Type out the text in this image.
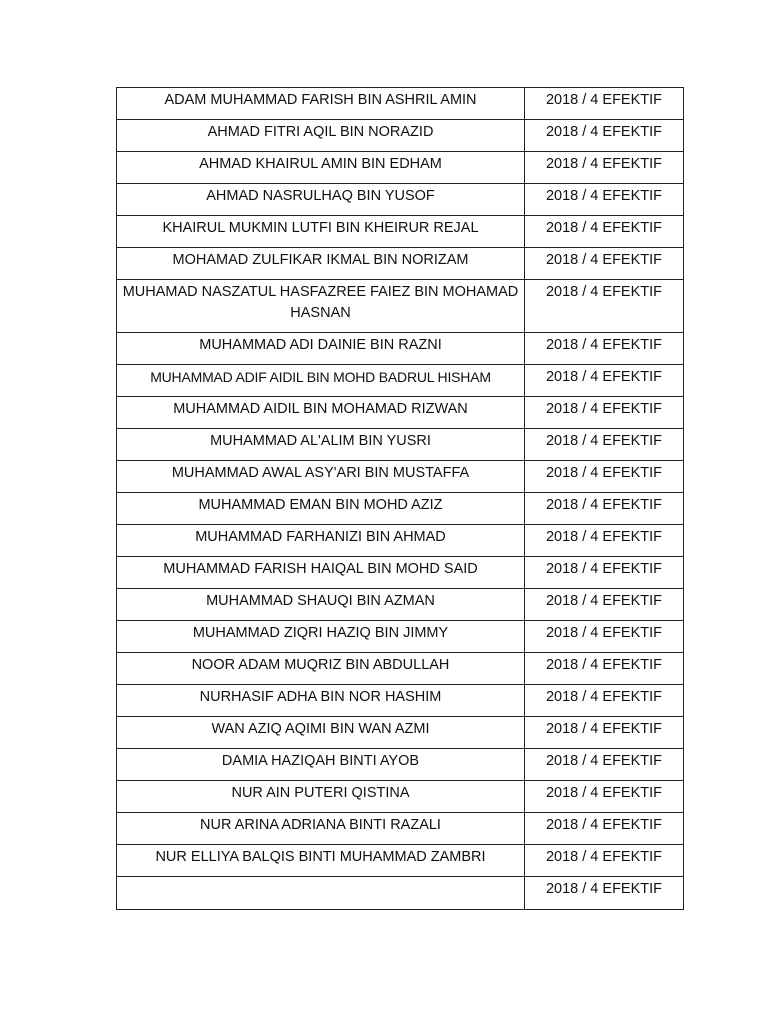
ADAM MUHAMMAD FARISH BIN ASHRIL AMIN	2018 / 4 EFEKTIF
AHMAD FITRI AQIL BIN NORAZID	2018 / 4 EFEKTIF
AHMAD KHAIRUL AMIN BIN EDHAM	2018 / 4 EFEKTIF
AHMAD NASRULHAQ BIN YUSOF	2018 / 4 EFEKTIF
KHAIRUL MUKMIN LUTFI BIN KHEIRUR REJAL	2018 / 4 EFEKTIF
MOHAMAD ZULFIKAR IKMAL BIN NORIZAM	2018 / 4 EFEKTIF
MUHAMAD NASZATUL HASFAZREE FAIEZ BIN MOHAMAD HASNAN	2018 / 4 EFEKTIF
MUHAMMAD ADI DAINIE BIN RAZNI	2018 / 4 EFEKTIF
MUHAMMAD ADIF AIDIL BIN MOHD BADRUL HISHAM	2018 / 4 EFEKTIF
MUHAMMAD AIDIL BIN MOHAMAD RIZWAN	2018 / 4 EFEKTIF
MUHAMMAD AL'ALIM BIN YUSRI	2018 / 4 EFEKTIF
MUHAMMAD AWAL ASY'ARI BIN MUSTAFFA	2018 / 4 EFEKTIF
MUHAMMAD EMAN BIN MOHD AZIZ	2018 / 4 EFEKTIF
MUHAMMAD FARHANIZI BIN AHMAD	2018 / 4 EFEKTIF
MUHAMMAD FARISH HAIQAL BIN MOHD SAID	2018 / 4 EFEKTIF
MUHAMMAD SHAUQI BIN AZMAN	2018 / 4 EFEKTIF
MUHAMMAD ZIQRI HAZIQ BIN JIMMY	2018 / 4 EFEKTIF
NOOR ADAM MUQRIZ BIN ABDULLAH	2018 / 4 EFEKTIF
NURHASIF ADHA BIN NOR HASHIM	2018 / 4 EFEKTIF
WAN AZIQ AQIMI BIN WAN AZMI	2018 / 4 EFEKTIF
DAMIA HAZIQAH BINTI AYOB	2018 / 4 EFEKTIF
NUR AIN PUTERI QISTINA	2018 / 4 EFEKTIF
NUR ARINA ADRIANA BINTI RAZALI	2018 / 4 EFEKTIF
NUR ELLIYA BALQIS BINTI MUHAMMAD ZAMBRI	2018 / 4 EFEKTIF
	2018 / 4 EFEKTIF
